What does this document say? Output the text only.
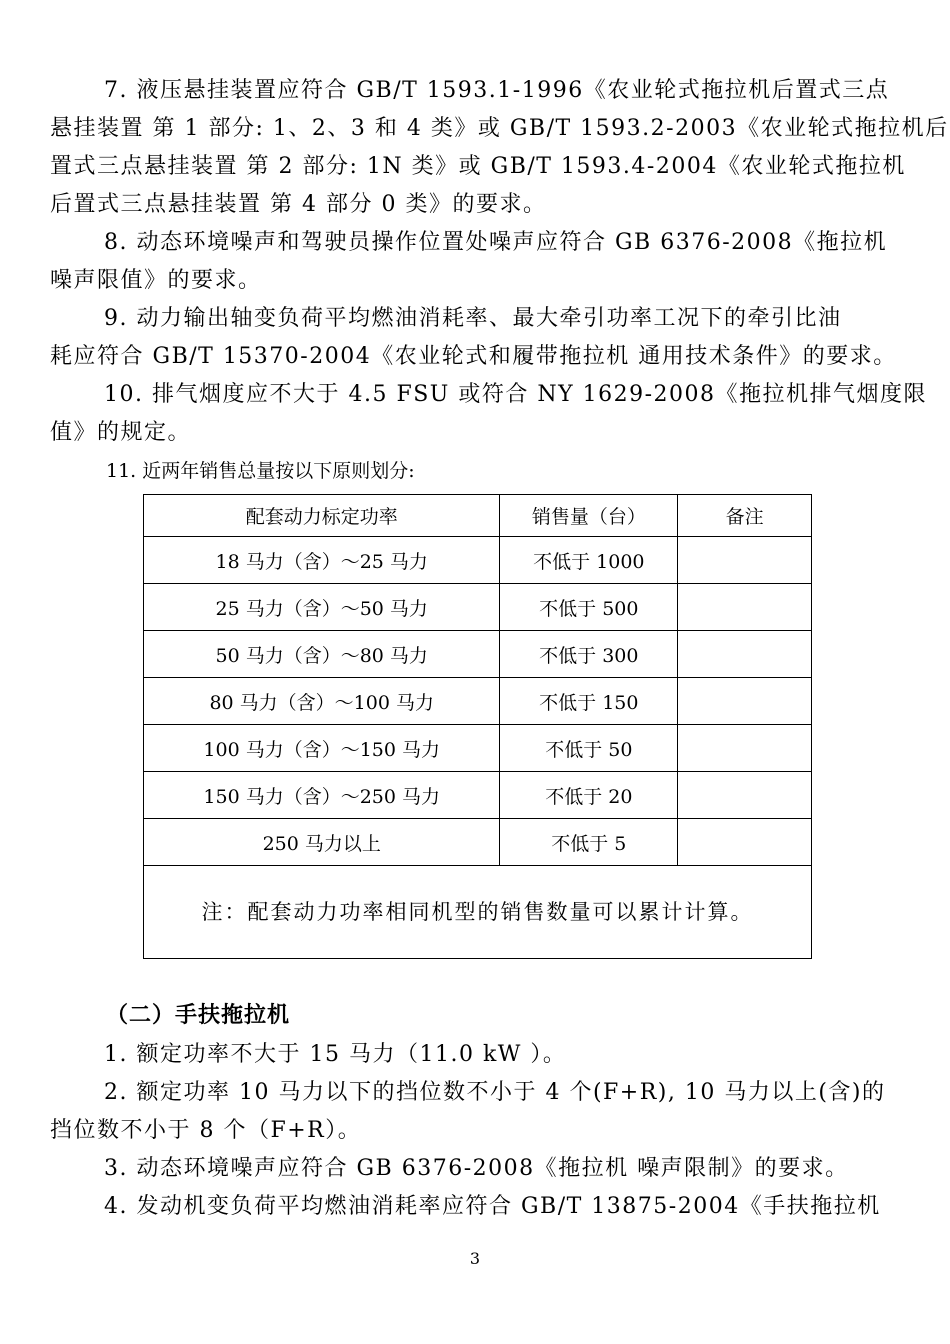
7. 液压悬挂装置应符合 GB/T 1593.1-1996《农业轮式拖拉机后置式三点
悬挂装置 第 1 部分: 1、2、3 和 4 类》或 GB/T 1593.2-2003《农业轮式拖拉机后
置式三点悬挂装置 第 2 部分: 1N 类》或 GB/T 1593.4-2004《农业轮式拖拉机
后置式三点悬挂装置 第 4 部分 0 类》的要求。
8. 动态环境噪声和驾驶员操作位置处噪声应符合 GB 6376-2008《拖拉机
噪声限值》的要求。
9. 动力输出轴变负荷平均燃油消耗率、最大牵引功率工况下的牵引比油
耗应符合 GB/T 15370-2004《农业轮式和履带拖拉机 通用技术条件》的要求。
10. 排气烟度应不大于 4.5 FSU 或符合 NY 1629-2008《拖拉机排气烟度限
值》的规定。

11. 近两年销售总量按以下原则划分:

配套动力标定功率	销售量（台）	备注
18 马力（含）～25 马力	不低于 1000	
25 马力（含）～50 马力	不低于 500	
50 马力（含）～80 马力	不低于 300	
80 马力（含）～100 马力	不低于 150	
100 马力（含）～150 马力	不低于 50	
150 马力（含）～250 马力	不低于 20	
250 马力以上	不低于 5	
注：配套动力功率相同机型的销售数量可以累计计算。		

（二）手扶拖拉机

1. 额定功率不大于 15 马力（11.0 kW ）。
2. 额定功率 10 马力以下的挡位数不小于 4 个(F+R), 10 马力以上(含)的
挡位数不小于 8 个（F+R）。
3. 动态环境噪声应符合 GB 6376-2008《拖拉机 噪声限制》的要求。
4. 发动机变负荷平均燃油消耗率应符合 GB/T 13875-2004《手扶拖拉机

3
